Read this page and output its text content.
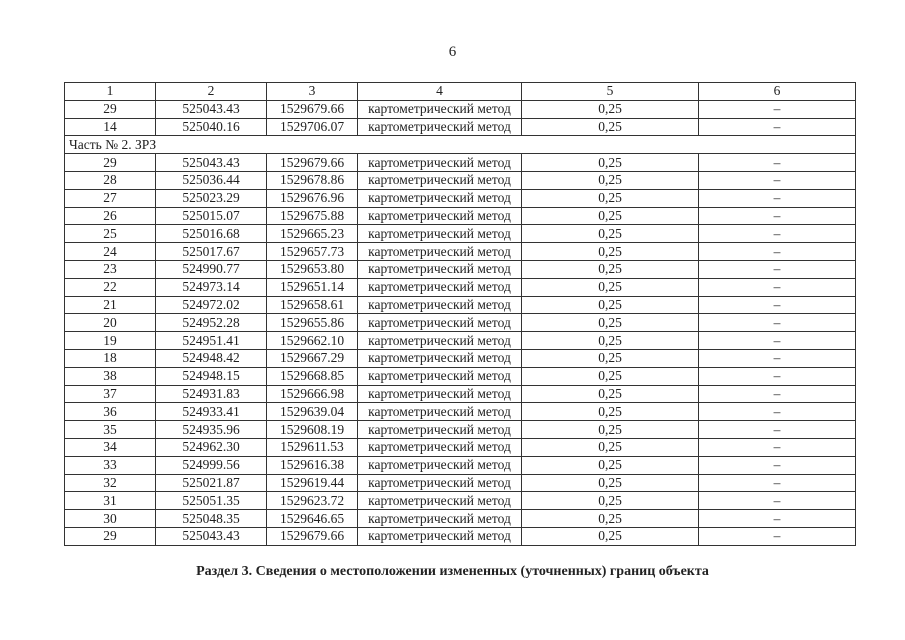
6
1	2	3	4	5	6
29	525043.43	1529679.66	картометрический метод	0,25	–
14	525040.16	1529706.07	картометрический метод	0,25	–
Часть № 2. ЗРЗ					
29	525043.43	1529679.66	картометрический метод	0,25	–
28	525036.44	1529678.86	картометрический метод	0,25	–
27	525023.29	1529676.96	картометрический метод	0,25	–
26	525015.07	1529675.88	картометрический метод	0,25	–
25	525016.68	1529665.23	картометрический метод	0,25	–
24	525017.67	1529657.73	картометрический метод	0,25	–
23	524990.77	1529653.80	картометрический метод	0,25	–
22	524973.14	1529651.14	картометрический метод	0,25	–
21	524972.02	1529658.61	картометрический метод	0,25	–
20	524952.28	1529655.86	картометрический метод	0,25	–
19	524951.41	1529662.10	картометрический метод	0,25	–
18	524948.42	1529667.29	картометрический метод	0,25	–
38	524948.15	1529668.85	картометрический метод	0,25	–
37	524931.83	1529666.98	картометрический метод	0,25	–
36	524933.41	1529639.04	картометрический метод	0,25	–
35	524935.96	1529608.19	картометрический метод	0,25	–
34	524962.30	1529611.53	картометрический метод	0,25	–
33	524999.56	1529616.38	картометрический метод	0,25	–
32	525021.87	1529619.44	картометрический метод	0,25	–
31	525051.35	1529623.72	картометрический метод	0,25	–
30	525048.35	1529646.65	картометрический метод	0,25	–
29	525043.43	1529679.66	картометрический метод	0,25	–
Раздел 3. Сведения о местоположении измененных (уточненных) границ объекта
